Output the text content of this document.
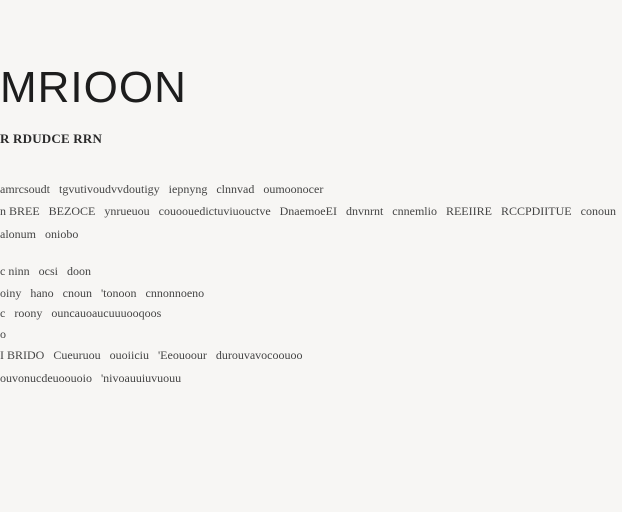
MRIOON
R RDUDCE RRN
amrcsoudt tgvutivoudvvdoutigy iepnyng clnnvad oumoonocer
n BREE BEZOCE ynrueuou couoouedictuviuouctve DnaemoeEI dnvnrnt cnnemlio REEIIRE RCCPDIITUE conoun
alonum oniobo
c ninn ocsi doon
oiny hano cnoun 'tonoon cnnonnoeno
c roony ouncauoaucuuuooqoos
o
I BRIDO Cueuruou ouoiiciu 'Eeouoour durouvavocoouoo
ouvonucdeuoouoio 'nivoauuiuvuouu
